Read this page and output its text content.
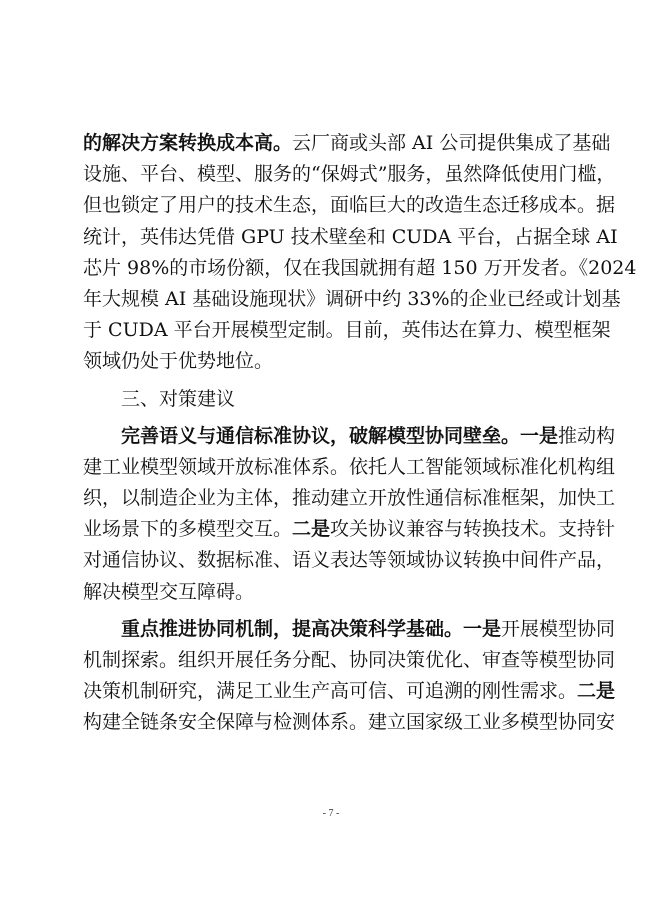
的解决方案转换成本高。云厂商或头部 AI 公司提供集成了基础
设施、平台、模型、服务的“保姆式”服务，虽然降低使用门槛，
但也锁定了用户的技术生态，面临巨大的改造生态迁移成本。据
统计，英伟达凭借 GPU 技术壁垒和 CUDA 平台，占据全球 AI
芯片 98%的市场份额，仅在我国就拥有超 150 万开发者。《2024
年大规模 AI 基础设施现状》调研中约 33%的企业已经或计划基
于 CUDA 平台开展模型定制。目前，英伟达在算力、模型框架
领域仍处于优势地位。
三、对策建议
完善语义与通信标准协议，破解模型协同壁垒。一是推动构
建工业模型领域开放标准体系。依托人工智能领域标准化机构组
织，以制造企业为主体，推动建立开放性通信标准框架，加快工
业场景下的多模型交互。二是攻关协议兼容与转换技术。支持针
对通信协议、数据标准、语义表达等领域协议转换中间件产品，
解决模型交互障碍。
重点推进协同机制，提高决策科学基础。一是开展模型协同
机制探索。组织开展任务分配、协同决策优化、审查等模型协同
决策机制研究，满足工业生产高可信、可追溯的刚性需求。二是
构建全链条安全保障与检测体系。建立国家级工业多模型协同安
- 7 -
